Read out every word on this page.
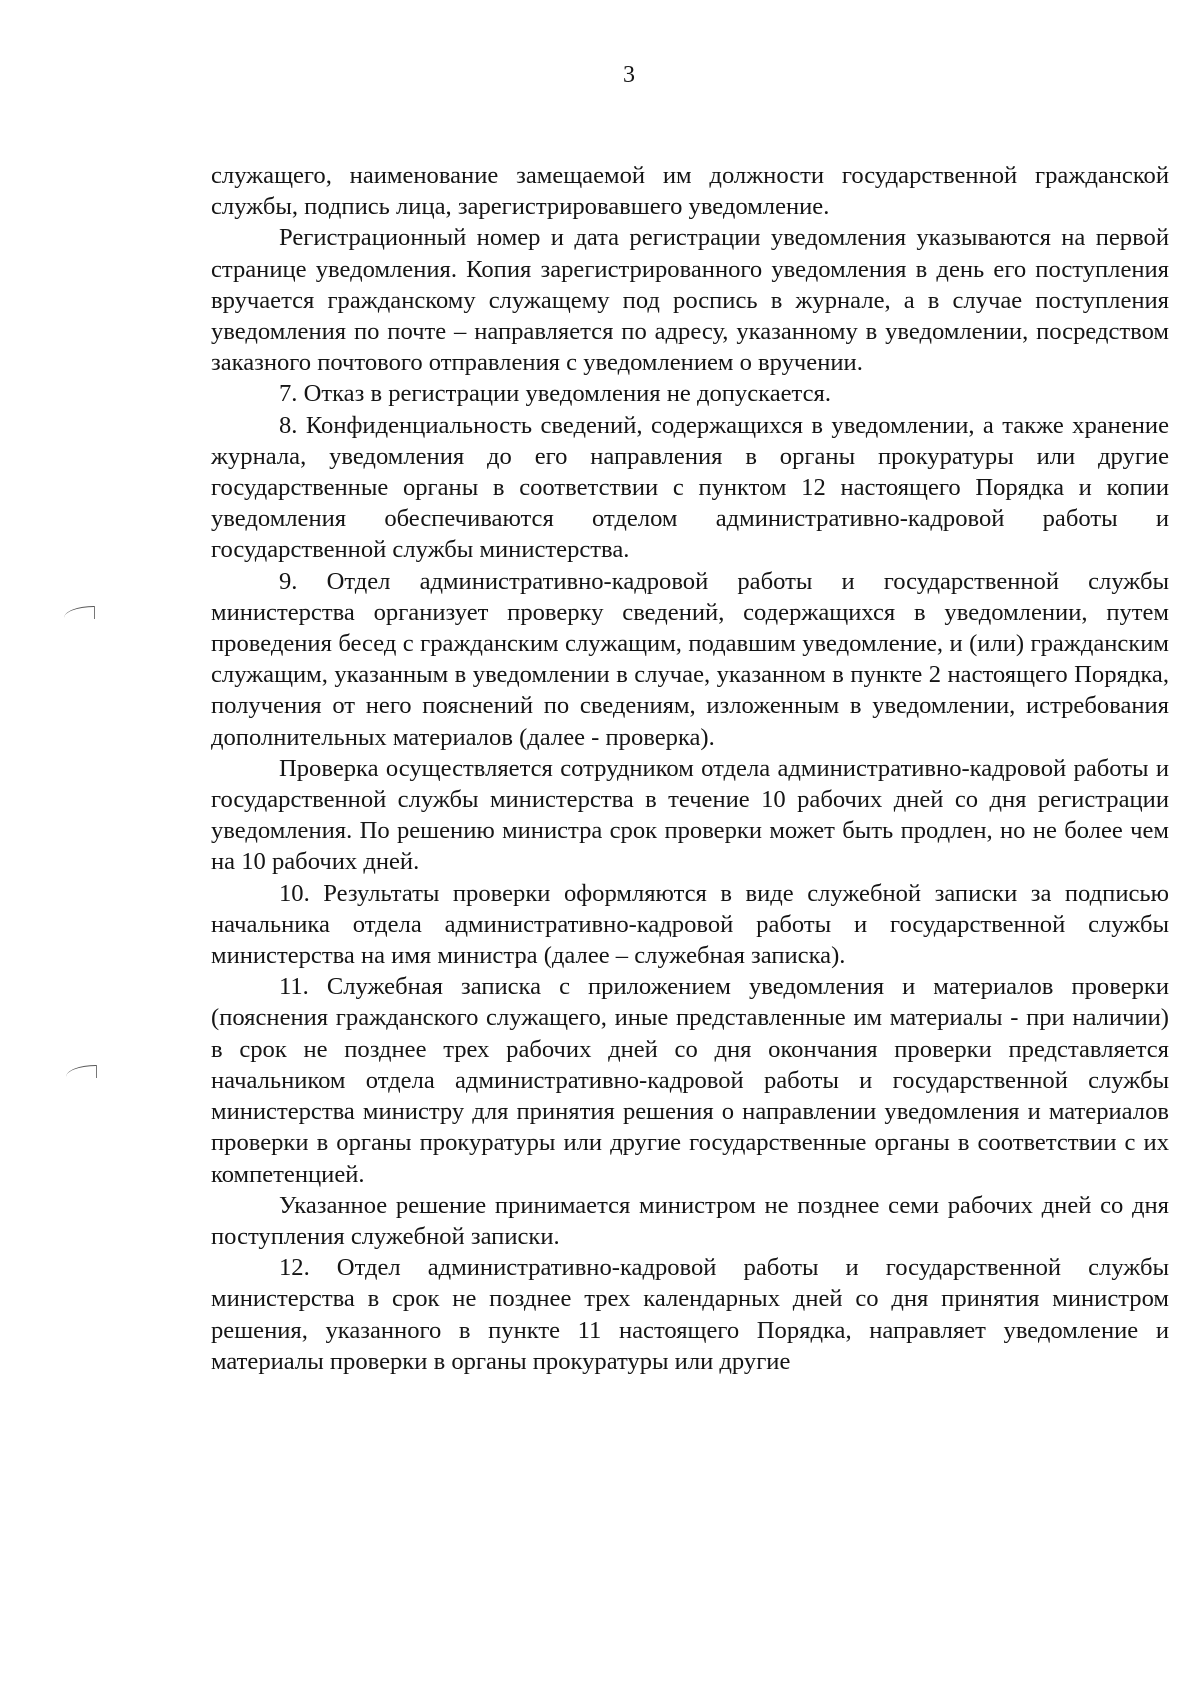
3

служащего, наименование замещаемой им должности государственной гражданской службы, подпись лица, зарегистрировавшего уведомление.

Регистрационный номер и дата регистрации уведомления указываются на первой странице уведомления. Копия зарегистрированного уведомления в день его поступления вручается гражданскому служащему под роспись в журнале, а в случае поступления уведомления по почте – направляется по адресу, указанному в уведомлении, посредством заказного почтового отправления с уведомлением о вручении.

7. Отказ в регистрации уведомления не допускается.

8. Конфиденциальность сведений, содержащихся в уведомлении, а также хранение журнала, уведомления до его направления в органы прокуратуры или другие государственные органы в соответствии с пунктом 12 настоящего Порядка и копии уведомления обеспечиваются отделом административно-кадровой работы и государственной службы министерства.

9. Отдел административно-кадровой работы и государственной службы министерства организует проверку сведений, содержащихся в уведомлении, путем проведения бесед с гражданским служащим, подавшим уведомление, и (или) гражданским служащим, указанным в уведомлении в случае, указанном в пункте 2 настоящего Порядка, получения от него пояснений по сведениям, изложенным в уведомлении, истребования дополнительных материалов (далее - проверка).

Проверка осуществляется сотрудником отдела административно-кадровой работы и государственной службы министерства в течение 10 рабочих дней со дня регистрации уведомления. По решению министра срок проверки может быть продлен, но не более чем на 10 рабочих дней.

10. Результаты проверки оформляются в виде служебной записки за подписью начальника отдела административно-кадровой работы и государственной службы министерства на имя министра (далее – служебная записка).

11. Служебная записка с приложением уведомления и материалов проверки (пояснения гражданского служащего, иные представленные им материалы - при наличии) в срок не позднее трех рабочих дней со дня окончания проверки представляется начальником отдела административно-кадровой работы и государственной службы министерства министру для принятия решения о направлении уведомления и материалов проверки в органы прокуратуры или другие государственные органы в соответствии с их компетенцией.

Указанное решение принимается министром не позднее семи рабочих дней со дня поступления служебной записки.

12. Отдел административно-кадровой работы и государственной службы министерства в срок не позднее трех календарных дней со дня принятия министром решения, указанного в пункте 11 настоящего Порядка, направляет уведомление и материалы проверки в органы прокуратуры или другие
